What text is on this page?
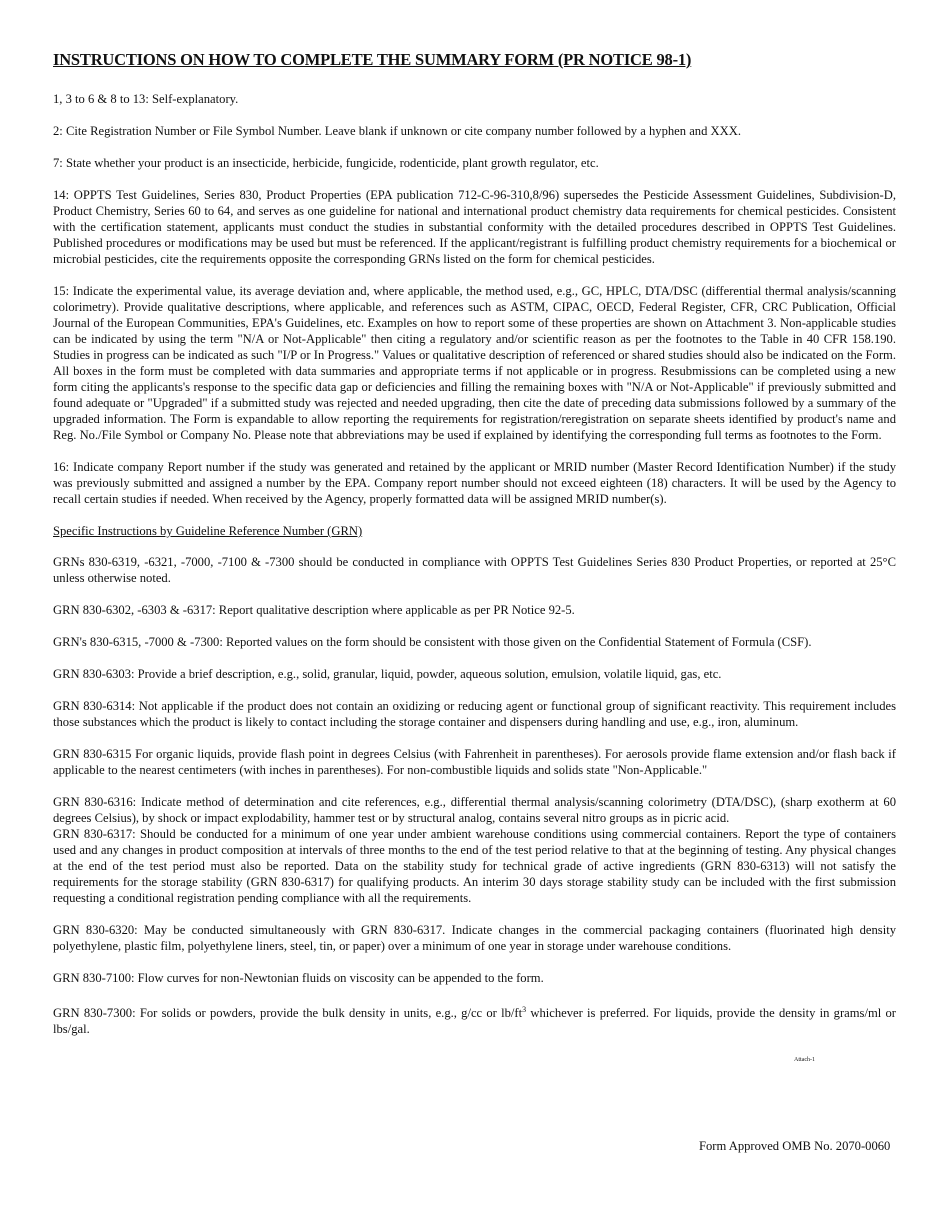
INSTRUCTIONS ON HOW TO COMPLETE THE SUMMARY FORM (PR NOTICE 98-1)

1, 3 to 6 & 8 to 13: Self-explanatory.

2: Cite Registration Number or File Symbol Number. Leave blank if unknown or cite company number followed by a hyphen and XXX.

7: State whether your product is an insecticide, herbicide, fungicide, rodenticide, plant growth regulator, etc.

14: OPPTS Test Guidelines, Series 830, Product Properties (EPA publication 712-C-96-310,8/96) supersedes the Pesticide Assessment Guidelines, Subdivision-D, Product Chemistry, Series 60 to 64, and serves as one guideline for national and international product chemistry data requirements for chemical pesticides. Consistent with the certification statement, applicants must conduct the studies in substantial conformity with the detailed procedures described in OPPTS Test Guidelines. Published procedures or modifications may be used but must be referenced. If the applicant/registrant is fulfilling product chemistry requirements for a biochemical or microbial pesticides, cite the requirements opposite the corresponding GRNs listed on the form for chemical pesticides.

15: Indicate the experimental value, its average deviation and, where applicable, the method used, e.g., GC, HPLC, DTA/DSC (differential thermal analysis/scanning colorimetry). Provide qualitative descriptions, where applicable, and references such as ASTM, CIPAC, OECD, Federal Register, CFR, CRC Publication, Official Journal of the European Communities, EPA's Guidelines, etc. Examples on how to report some of these properties are shown on Attachment 3. Non-applicable studies can be indicated by using the term "N/A or Not-Applicable" then citing a regulatory and/or scientific reason as per the footnotes to the Table in 40 CFR 158.190. Studies in progress can be indicated as such "I/P or In Progress." Values or qualitative description of referenced or shared studies should also be indicated on the Form. All boxes in the form must be completed with data summaries and appropriate terms if not applicable or in progress. Resubmissions can be completed using a new form citing the applicants's response to the specific data gap or deficiencies and filling the remaining boxes with "N/A or Not-Applicable" if previously submitted and found adequate or "Upgraded" if a submitted study was rejected and needed upgrading, then cite the date of preceding data submissions followed by a summary of the upgraded information. The Form is expandable to allow reporting the requirements for registration/reregistration on separate sheets identified by product's name and Reg. No./File Symbol or Company No. Please note that abbreviations may be used if explained by identifying the corresponding full terms as footnotes to the Form.

16: Indicate company Report number if the study was generated and retained by the applicant or MRID number (Master Record Identification Number) if the study was previously submitted and assigned a number by the EPA. Company report number should not exceed eighteen (18) characters. It will be used by the Agency to recall certain studies if needed. When received by the Agency, properly formatted data will be assigned MRID number(s).

Specific Instructions by Guideline Reference Number (GRN)

GRNs 830-6319, -6321, -7000, -7100 & -7300 should be conducted in compliance with OPPTS Test Guidelines Series 830 Product Properties, or reported at 25°C unless otherwise noted.

GRN 830-6302, -6303 & -6317: Report qualitative description where applicable as per PR Notice 92-5.

GRN's 830-6315, -7000 & -7300: Reported values on the form should be consistent with those given on the Confidential Statement of Formula (CSF).

GRN 830-6303: Provide a brief description, e.g., solid, granular, liquid, powder, aqueous solution, emulsion, volatile liquid, gas, etc.

GRN 830-6314: Not applicable if the product does not contain an oxidizing or reducing agent or functional group of significant reactivity. This requirement includes those substances which the product is likely to contact including the storage container and dispensers during handling and use, e.g., iron, aluminum.

GRN 830-6315 For organic liquids, provide flash point in degrees Celsius (with Fahrenheit in parentheses). For aerosols provide flame extension and/or flash back if applicable to the nearest centimeters (with inches in parentheses). For non-combustible liquids and solids state "Non-Applicable."

GRN 830-6316: Indicate method of determination and cite references, e.g., differential thermal analysis/scanning colorimetry (DTA/DSC), (sharp exotherm at 60 degrees Celsius), by shock or impact explodability, hammer test or by structural analog, contains several nitro groups as in picric acid.

GRN 830-6317: Should be conducted for a minimum of one year under ambient warehouse conditions using commercial containers. Report the type of containers used and any changes in product composition at intervals of three months to the end of the test period relative to that at the beginning of testing. Any physical changes at the end of the test period must also be reported. Data on the stability study for technical grade of active ingredients (GRN 830-6313) will not satisfy the requirements for the storage stability (GRN 830-6317) for qualifying products. An interim 30 days storage stability study can be included with the first submission requesting a conditional registration pending compliance with all the requirements.

GRN 830-6320: May be conducted simultaneously with GRN 830-6317. Indicate changes in the commercial packaging containers (fluorinated high density polyethylene, plastic film, polyethylene liners, steel, tin, or paper) over a minimum of one year in storage under warehouse conditions.

GRN 830-7100: Flow curves for non-Newtonian fluids on viscosity can be appended to the form.

GRN 830-7300: For solids or powders, provide the bulk density in units, e.g., g/cc or $lb/ft^3$ whichever is preferred. For liquids, provide the density in grams/ml or lbs/gal.

Attach-1
Form Approved OMB No. 2070-0060
